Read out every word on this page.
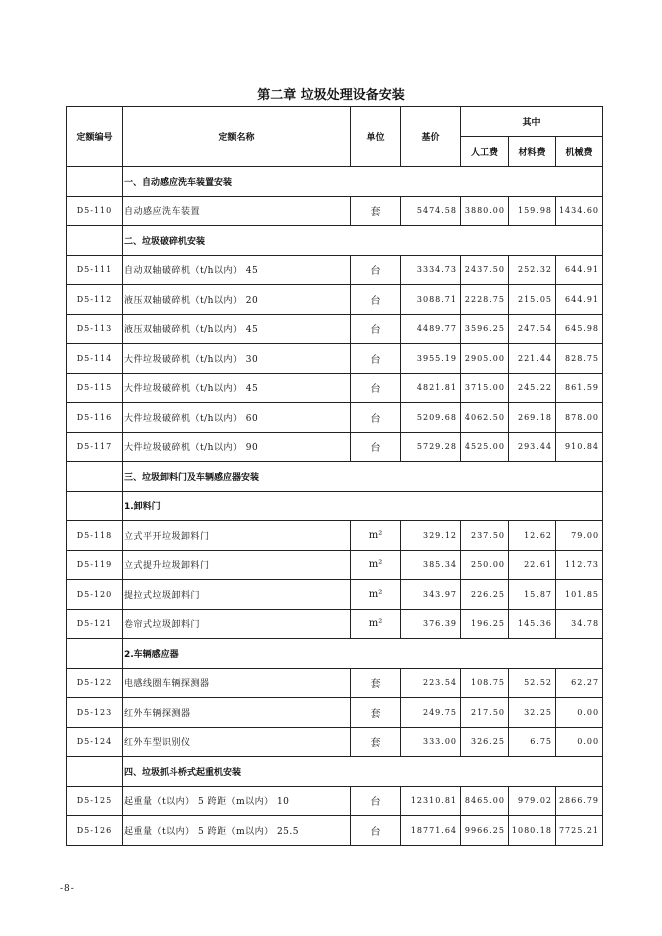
第二章 垃圾处理设备安装
定额编号	定额名称	单位	基价	其中		
				人工费	材料费	机械费
	一、自动感应洗车装置安装					
D5-110	自动感应洗车装置	套	5474.58	3880.00	159.98	1434.60
	二、垃圾破碎机安装					
D5-111	自动双轴破碎机（t/h以内） 45	台	3334.73	2437.50	252.32	644.91
D5-112	液压双轴破碎机（t/h以内） 20	台	3088.71	2228.75	215.05	644.91
D5-113	液压双轴破碎机（t/h以内） 45	台	4489.77	3596.25	247.54	645.98
D5-114	大件垃圾破碎机（t/h以内） 30	台	3955.19	2905.00	221.44	828.75
D5-115	大件垃圾破碎机（t/h以内） 45	台	4821.81	3715.00	245.22	861.59
D5-116	大件垃圾破碎机（t/h以内） 60	台	5209.68	4062.50	269.18	878.00
D5-117	大件垃圾破碎机（t/h以内） 90	台	5729.28	4525.00	293.44	910.84
	三、垃圾卸料门及车辆感应器安装					
	1.卸料门					
D5-118	立式平开垃圾卸料门	m²	329.12	237.50	12.62	79.00
D5-119	立式提升垃圾卸料门	m²	385.34	250.00	22.61	112.73
D5-120	提拉式垃圾卸料门	m²	343.97	226.25	15.87	101.85
D5-121	卷帘式垃圾卸料门	m²	376.39	196.25	145.36	34.78
	2.车辆感应器					
D5-122	电感线圈车辆探测器	套	223.54	108.75	52.52	62.27
D5-123	红外车辆探测器	套	249.75	217.50	32.25	0.00
D5-124	红外车型识别仪	套	333.00	326.25	6.75	0.00
	四、垃圾抓斗桥式起重机安装					
D5-125	起重量（t以内） 5 跨距（m以内） 10	台	12310.81	8465.00	979.02	2866.79
D5-126	起重量（t以内） 5 跨距（m以内） 25.5	台	18771.64	9966.25	1080.18	7725.21
-8-
